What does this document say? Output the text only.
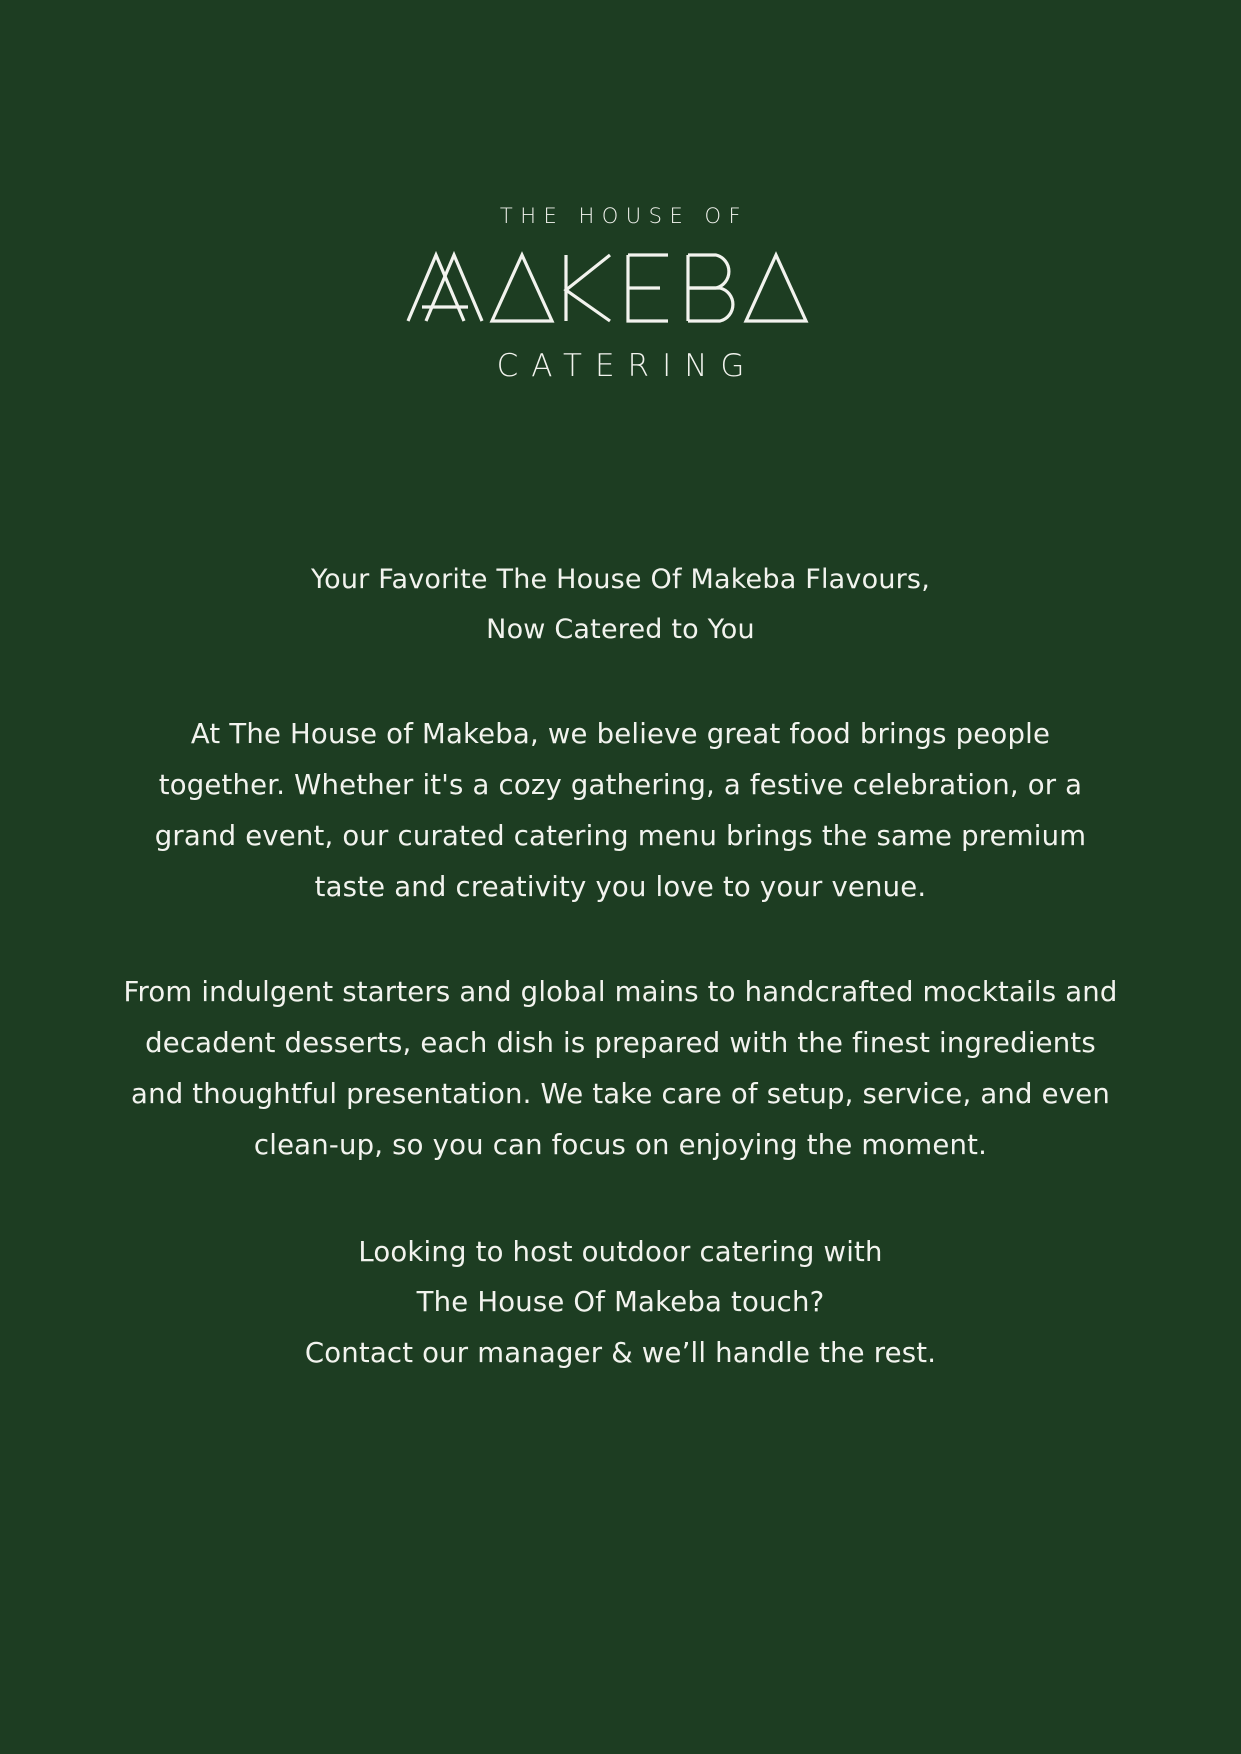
THE HOUSE OF
CATERING

Your Favorite The House Of Makeba Flavours,
Now Catered to You

At The House of Makeba, we believe great food brings people together. Whether it's a cozy gathering, a festive celebration, or a grand event, our curated catering menu brings the same premium taste and creativity you love to your venue.

From indulgent starters and global mains to handcrafted mocktails and decadent desserts, each dish is prepared with the finest ingredients and thoughtful presentation. We take care of setup, service, and even clean-up, so you can focus on enjoying the moment.

Looking to host outdoor catering with
The House Of Makeba touch?
Contact our manager & we’ll handle the rest.
